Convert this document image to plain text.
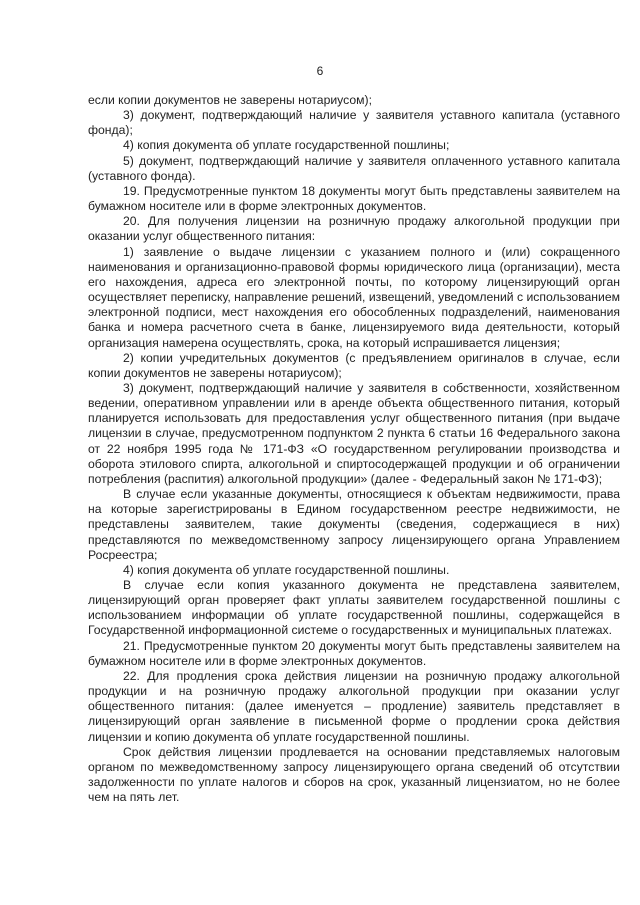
6

если копии документов не заверены нотариусом);

3) документ, подтверждающий наличие у заявителя уставного капитала (уставного фонда);

4) копия документа об уплате государственной пошлины;

5) документ, подтверждающий наличие у заявителя оплаченного уставного капитала (уставного фонда).

19. Предусмотренные пунктом 18 документы могут быть представлены заявителем на бумажном носителе или в форме электронных документов.

20. Для получения лицензии на розничную продажу алкогольной продукции при оказании услуг общественного питания:

1) заявление о выдаче лицензии с указанием полного и (или) сокращенного наименования и организационно-правовой формы юридического лица (организации), места его нахождения, адреса его электронной почты, по которому лицензирующий орган осуществляет переписку, направление решений, извещений, уведомлений с использованием электронной подписи, мест нахождения его обособленных подразделений, наименования банка и номера расчетного счета в банке, лицензируемого вида деятельности, который организация намерена осуществлять, срока, на который испрашивается лицензия;

2) копии учредительных документов (с предъявлением оригиналов в случае, если копии документов не заверены нотариусом);

3) документ, подтверждающий наличие у заявителя в собственности, хозяйственном ведении, оперативном управлении или в аренде объекта общественного питания, который планируется использовать для предоставления услуг общественного питания (при выдаче лицензии в случае, предусмотренном подпунктом 2 пункта 6 статьи 16 Федерального закона от 22 ноября 1995 года № 171-ФЗ «О государственном регулировании производства и оборота этилового спирта, алкогольной и спиртосодержащей продукции и об ограничении потребления (распития) алкогольной продукции» (далее - Федеральный закон № 171-ФЗ);

В случае если указанные документы, относящиеся к объектам недвижимости, права на которые зарегистрированы в Едином государственном реестре недвижимости, не представлены заявителем, такие документы (сведения, содержащиеся в них) представляются по межведомственному запросу лицензирующего органа Управлением Росреестра;

4) копия документа об уплате государственной пошлины.

В случае если копия указанного документа не представлена заявителем, лицензирующий орган проверяет факт уплаты заявителем государственной пошлины с использованием информации об уплате государственной пошлины, содержащейся в Государственной информационной системе о государственных и муниципальных платежах.

21. Предусмотренные пунктом 20 документы могут быть представлены заявителем на бумажном носителе или в форме электронных документов.

22. Для продления срока действия лицензии на розничную продажу алкогольной продукции и на розничную продажу алкогольной продукции при оказании услуг общественного питания: (далее именуется – продление) заявитель представляет в лицензирующий орган заявление в письменной форме о продлении срока действия лицензии и копию документа об уплате государственной пошлины.

Срок действия лицензии продлевается на основании представляемых налоговым органом по межведомственному запросу лицензирующего органа сведений об отсутствии задолженности по уплате налогов и сборов на срок, указанный лицензиатом, но не более чем на пять лет.
